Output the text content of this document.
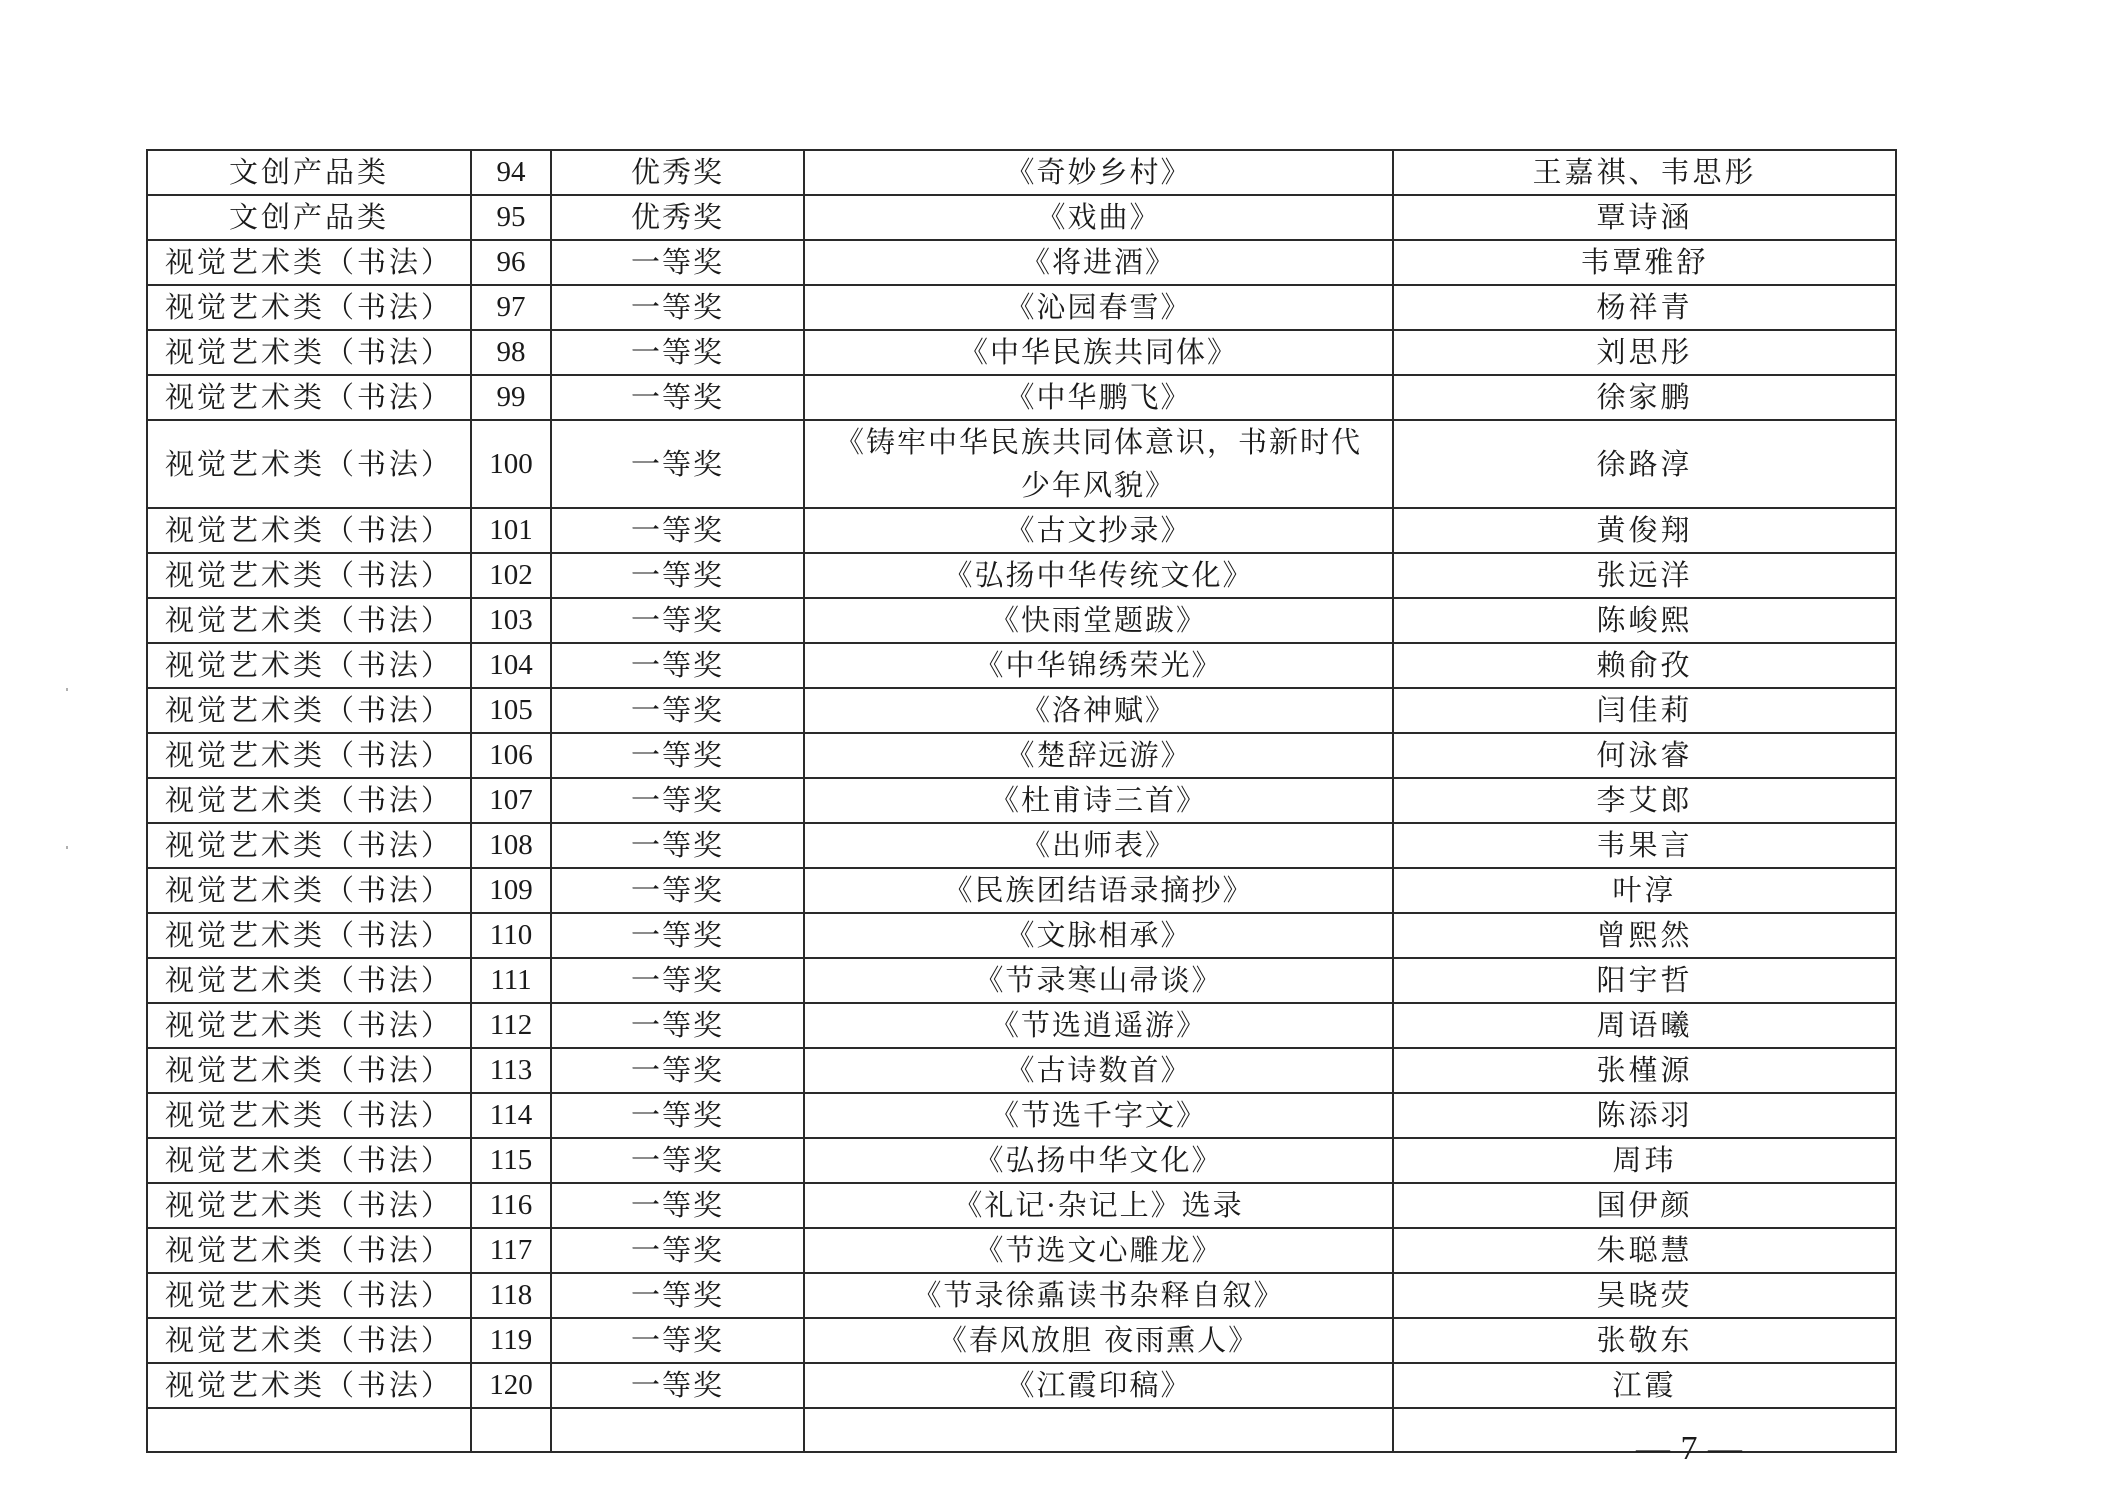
文创产品类	94	优秀奖	《奇妙乡村》	王嘉祺、韦思彤
文创产品类	95	优秀奖	《戏曲》	覃诗涵
视觉艺术类（书法）	96	一等奖	《将进酒》	韦覃雅舒
视觉艺术类（书法）	97	一等奖	《沁园春雪》	杨祥青
视觉艺术类（书法）	98	一等奖	《中华民族共同体》	刘思彤
视觉艺术类（书法）	99	一等奖	《中华鹏飞》	徐家鹏
视觉艺术类（书法）	100	一等奖	《铸牢中华民族共同体意识，书新时代
少年风貌》	徐路淳
视觉艺术类（书法）	101	一等奖	《古文抄录》	黄俊翔
视觉艺术类（书法）	102	一等奖	《弘扬中华传统文化》	张远洋
视觉艺术类（书法）	103	一等奖	《快雨堂题跋》	陈峻熙
视觉艺术类（书法）	104	一等奖	《中华锦绣荣光》	赖俞孜
视觉艺术类（书法）	105	一等奖	《洛神赋》	闫佳莉
视觉艺术类（书法）	106	一等奖	《楚辞远游》	何泳睿
视觉艺术类（书法）	107	一等奖	《杜甫诗三首》	李艾郎
视觉艺术类（书法）	108	一等奖	《出师表》	韦果言
视觉艺术类（书法）	109	一等奖	《民族团结语录摘抄》	叶淳
视觉艺术类（书法）	110	一等奖	《文脉相承》	曾熙然
视觉艺术类（书法）	111	一等奖	《节录寒山帚谈》	阳宇哲
视觉艺术类（书法）	112	一等奖	《节选逍遥游》	周语曦
视觉艺术类（书法）	113	一等奖	《古诗数首》	张槿源
视觉艺术类（书法）	114	一等奖	《节选千字文》	陈添羽
视觉艺术类（书法）	115	一等奖	《弘扬中华文化》	周玮
视觉艺术类（书法）	116	一等奖	《礼记·杂记上》选录	国伊颜
视觉艺术类（书法）	117	一等奖	《节选文心雕龙》	朱聪慧
视觉艺术类（书法）	118	一等奖	《节录徐鼒读书杂释自叙》	吴晓荧
视觉艺术类（书法）	119	一等奖	《春风放胆 夜雨熏人》	张敬东
视觉艺术类（书法）	120	一等奖	《江霞印稿》	江霞

— 7 —
